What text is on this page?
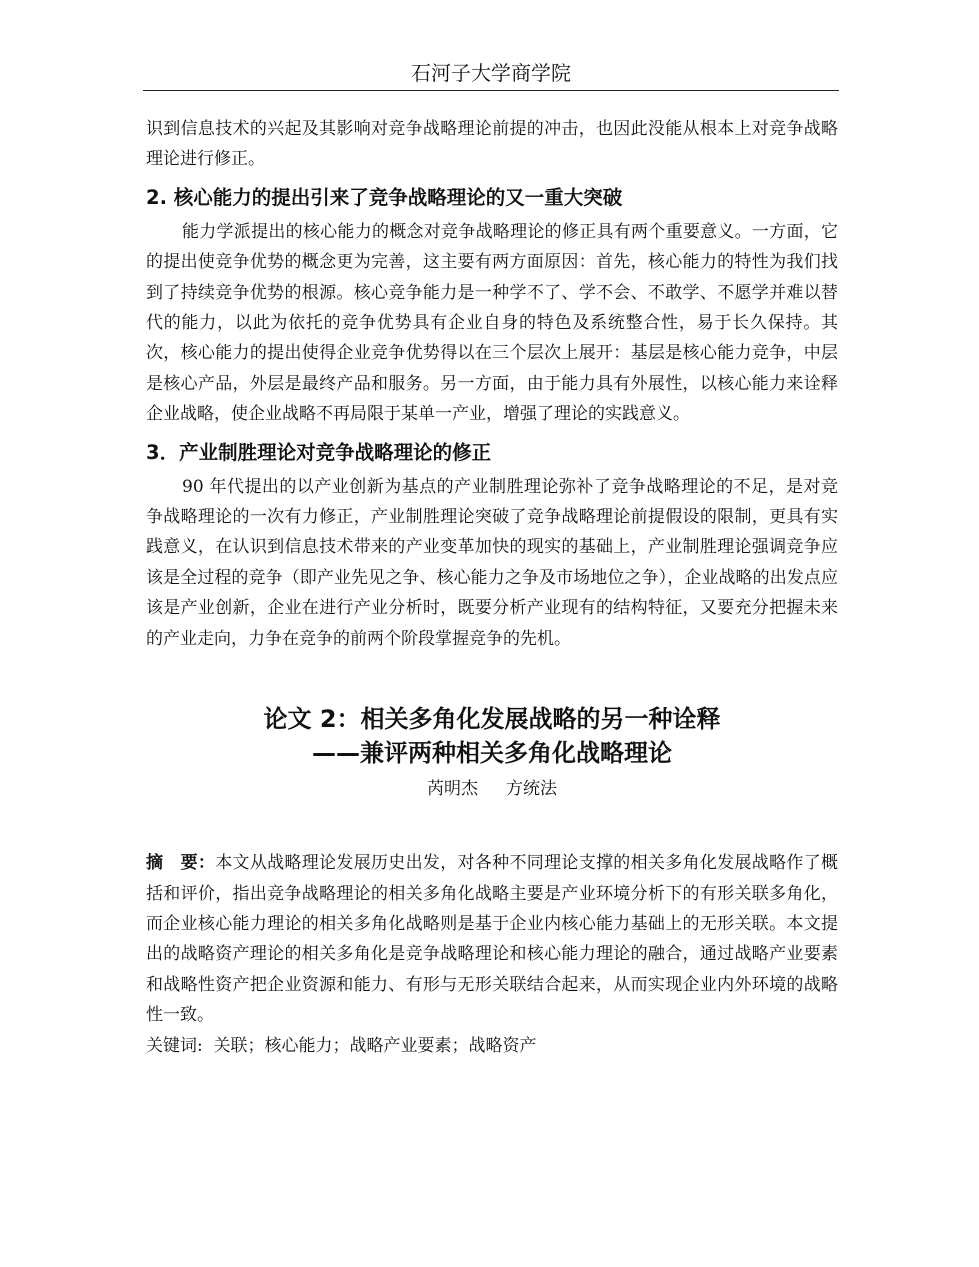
石河子大学商学院

识到信息技术的兴起及其影响对竞争战略理论前提的冲击，也因此没能从根本上对竞争战略理论进行修正。

2. 核心能力的提出引来了竞争战略理论的又一重大突破

能力学派提出的核心能力的概念对竞争战略理论的修正具有两个重要意义。一方面，它的提出使竞争优势的概念更为完善，这主要有两方面原因：首先，核心能力的特性为我们找到了持续竞争优势的根源。核心竞争能力是一种学不了、学不会、不敢学、不愿学并难以替代的能力，以此为依托的竞争优势具有企业自身的特色及系统整合性，易于长久保持。其次，核心能力的提出使得企业竞争优势得以在三个层次上展开：基层是核心能力竞争，中层是核心产品，外层是最终产品和服务。另一方面，由于能力具有外展性，以核心能力来诠释企业战略，使企业战略不再局限于某单一产业，增强了理论的实践意义。

3．产业制胜理论对竞争战略理论的修正

90 年代提出的以产业创新为基点的产业制胜理论弥补了竞争战略理论的不足，是对竞争战略理论的一次有力修正，产业制胜理论突破了竞争战略理论前提假设的限制，更具有实践意义，在认识到信息技术带来的产业变革加快的现实的基础上，产业制胜理论强调竞争应该是全过程的竞争（即产业先见之争、核心能力之争及市场地位之争），企业战略的出发点应该是产业创新，企业在进行产业分析时，既要分析产业现有的结构特征，又要充分把握未来的产业走向，力争在竞争的前两个阶段掌握竞争的先机。

论文 2：相关多角化发展战略的另一种诠释
——兼评两种相关多角化战略理论
芮明杰 方统法

摘　要：本文从战略理论发展历史出发，对各种不同理论支撑的相关多角化发展战略作了概括和评价，指出竞争战略理论的相关多角化战略主要是产业环境分析下的有形关联多角化，而企业核心能力理论的相关多角化战略则是基于企业内核心能力基础上的无形关联。本文提出的战略资产理论的相关多角化是竞争战略理论和核心能力理论的融合，通过战略产业要素和战略性资产把企业资源和能力、有形与无形关联结合起来，从而实现企业内外环境的战略性一致。

关键词: 关联；核心能力；战略产业要素；战略资产
